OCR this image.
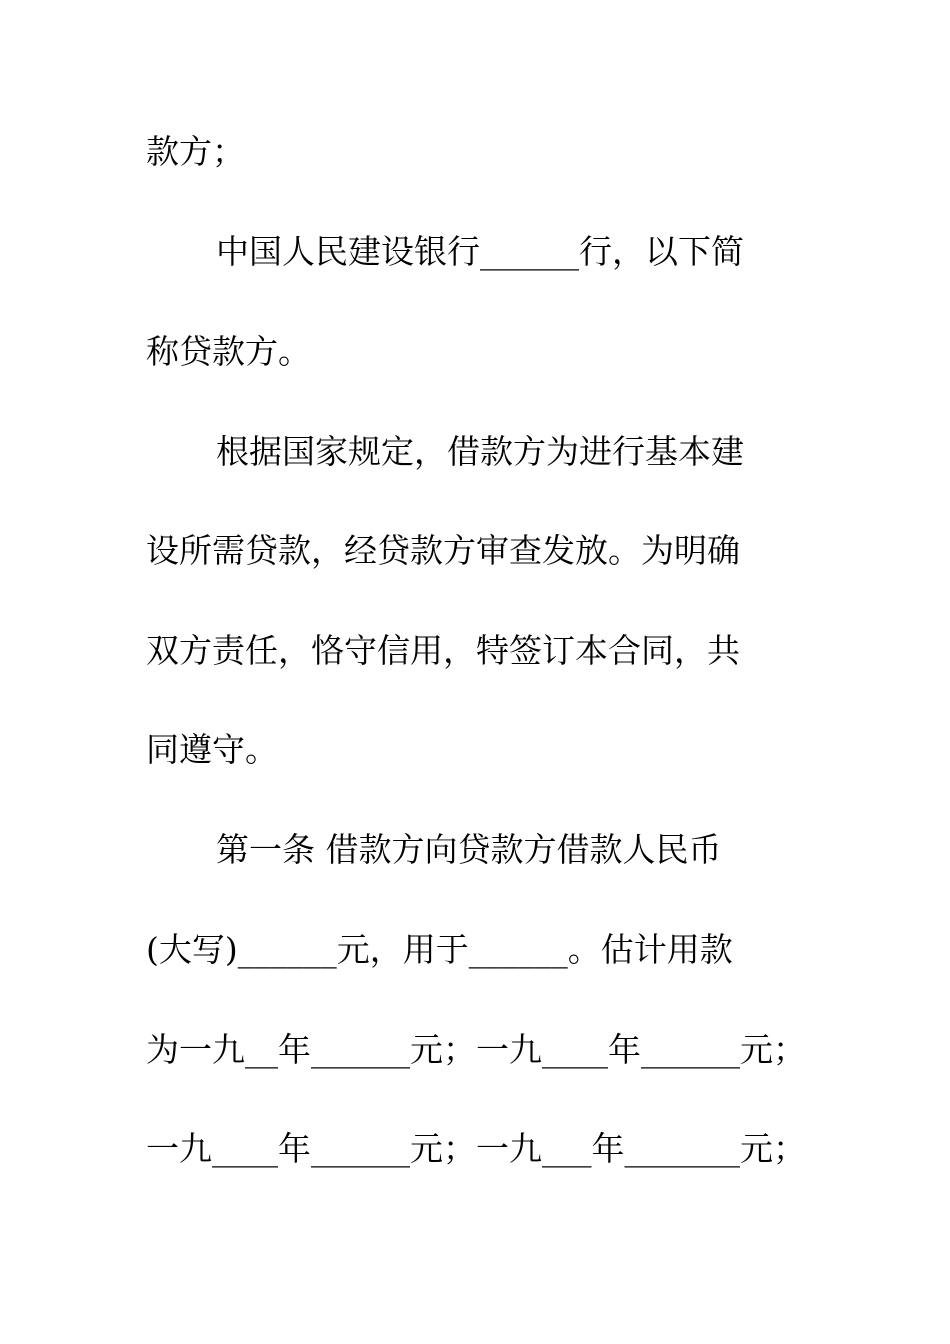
款方；
中国人民建设银行______行，以下简
称贷款方。
根据国家规定，借款方为进行基本建
设所需贷款，经贷款方审查发放。为明确
双方责任，恪守信用，特签订本合同，共
同遵守。
第一条 借款方向贷款方借款人民币
(大写)______元，用于______。估计用款
为一九__年______元；一九____年______元；
一九____年______元；一九___年_______元；
